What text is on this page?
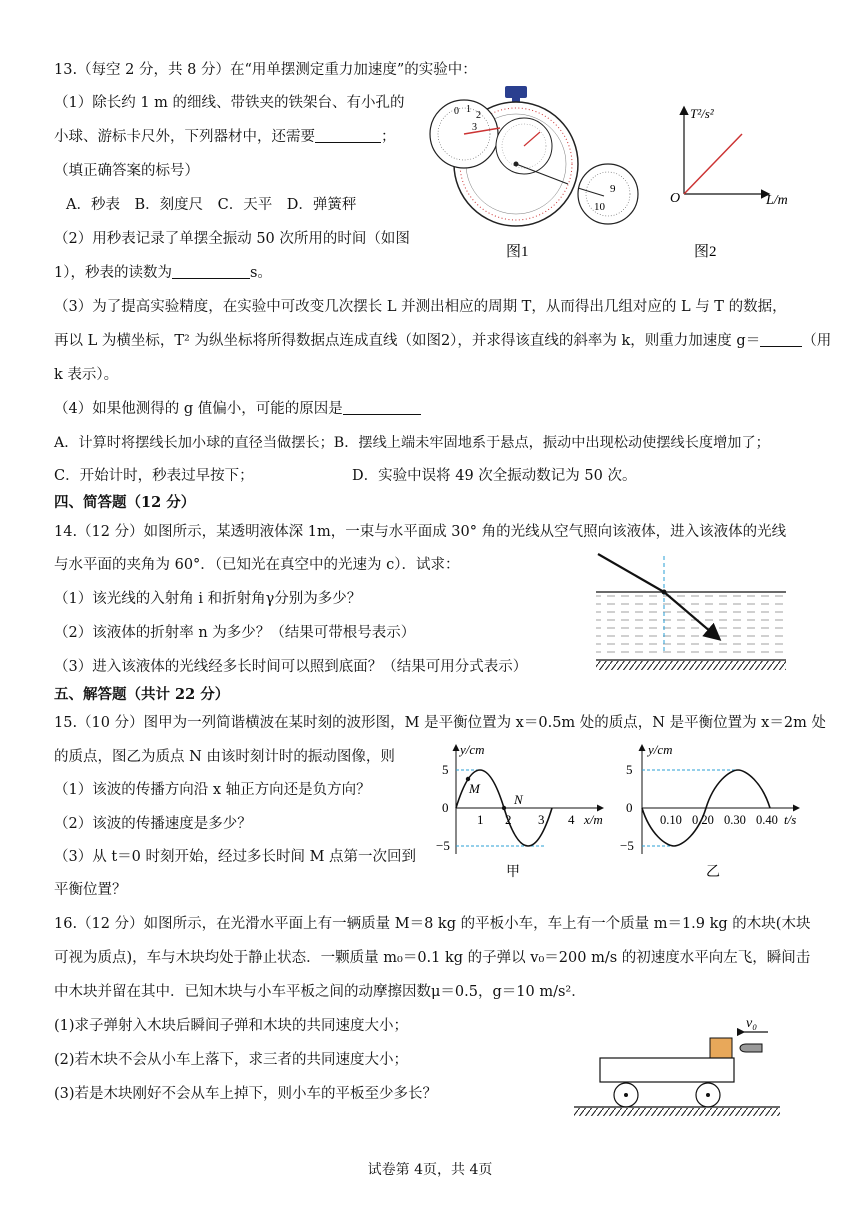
13.（每空 2 分，共 8 分）在“用单摆测定重力加速度”的实验中：
（1）除长约 1 m 的细线、带铁夹的铁架台、有小孔的
小球、游标卡尺外，下列器材中，还需要	；
（填正确答案的标号）
A．秒表　B．刻度尺　C．天平　D．弹簧秤
（2）用秒表记录了单摆全振动 50 次所用的时间（如图
1），秒表的读数为	s。
（3）为了提高实验精度，在实验中可改变几次摆长 L 并测出相应的周期 T，从而得出几组对应的 L 与 T 的数据，
再以 L 为横坐标，T² 为纵坐标将所得数据点连成直线（如图2），并求得该直线的斜率为 k，则重力加速度 g＝	（用
k 表示）。
（4）如果他测得的 g 值偏小，可能的原因是
A．计算时将摆线长加小球的直径当做摆长；B．摆线上端未牢固地系于悬点，振动中出现松动使摆线长度增加了；
C．开始计时，秒表过早按下；	D．实验中误将 49 次全振动数记为 50 次。
0 1
2
3
9
10
图1
T²/s²
L/m
O
图2
四、简答题（12 分）
14.（12 分）如图所示，某透明液体深 1m，一束与水平面成 30° 角的光线从空气照向该液体，进入该液体的光线
与水平面的夹角为 60°．（已知光在真空中的光速为 c）．试求：
（1）该光线的入射角 i 和折射角γ分别为多少？
（2）该液体的折射率 n 为多少？（结果可带根号表示）
（3）进入该液体的光线经多长时间可以照到底面？（结果可用分式表示）
五、解答题（共计 22 分）
15.（10 分）图甲为一列简谐横波在某时刻的波形图，M 是平衡位置为 x＝0.5m 处的质点，N 是平衡位置为 x＝2m 处
的质点，图乙为质点 N 由该时刻计时的振动图像，则
（1）该波的传播方向沿 x 轴正方向还是负方向？
（2）该波的传播速度是多少？
（3）从 t＝0 时刻开始，经过多长时间 M 点第一次回到
平衡位置？
M
N
y/cm
5
0
−5
1 2 3 4 x/m
甲
y/cm
5
0
−5
0.10 0.20 0.30 0.40 t/s
乙
16.（12 分）如图所示，在光滑水平面上有一辆质量 M＝8 kg 的平板小车，车上有一个质量 m＝1.9 kg 的木块(木块
可视为质点)，车与木块均处于静止状态．一颗质量 m₀＝0.1 kg 的子弹以 v₀＝200 m/s 的初速度水平向左飞，瞬间击
中木块并留在其中．已知木块与小车平板之间的动摩擦因数μ＝0.5，g＝10 m/s²．
(1)求子弹射入木块后瞬间子弹和木块的共同速度大小；
(2)若木块不会从小车上落下，求三者的共同速度大小；
(3)若是木块刚好不会从车上掉下，则小车的平板至少多长？
v₀
试卷第 4页，共 4页
